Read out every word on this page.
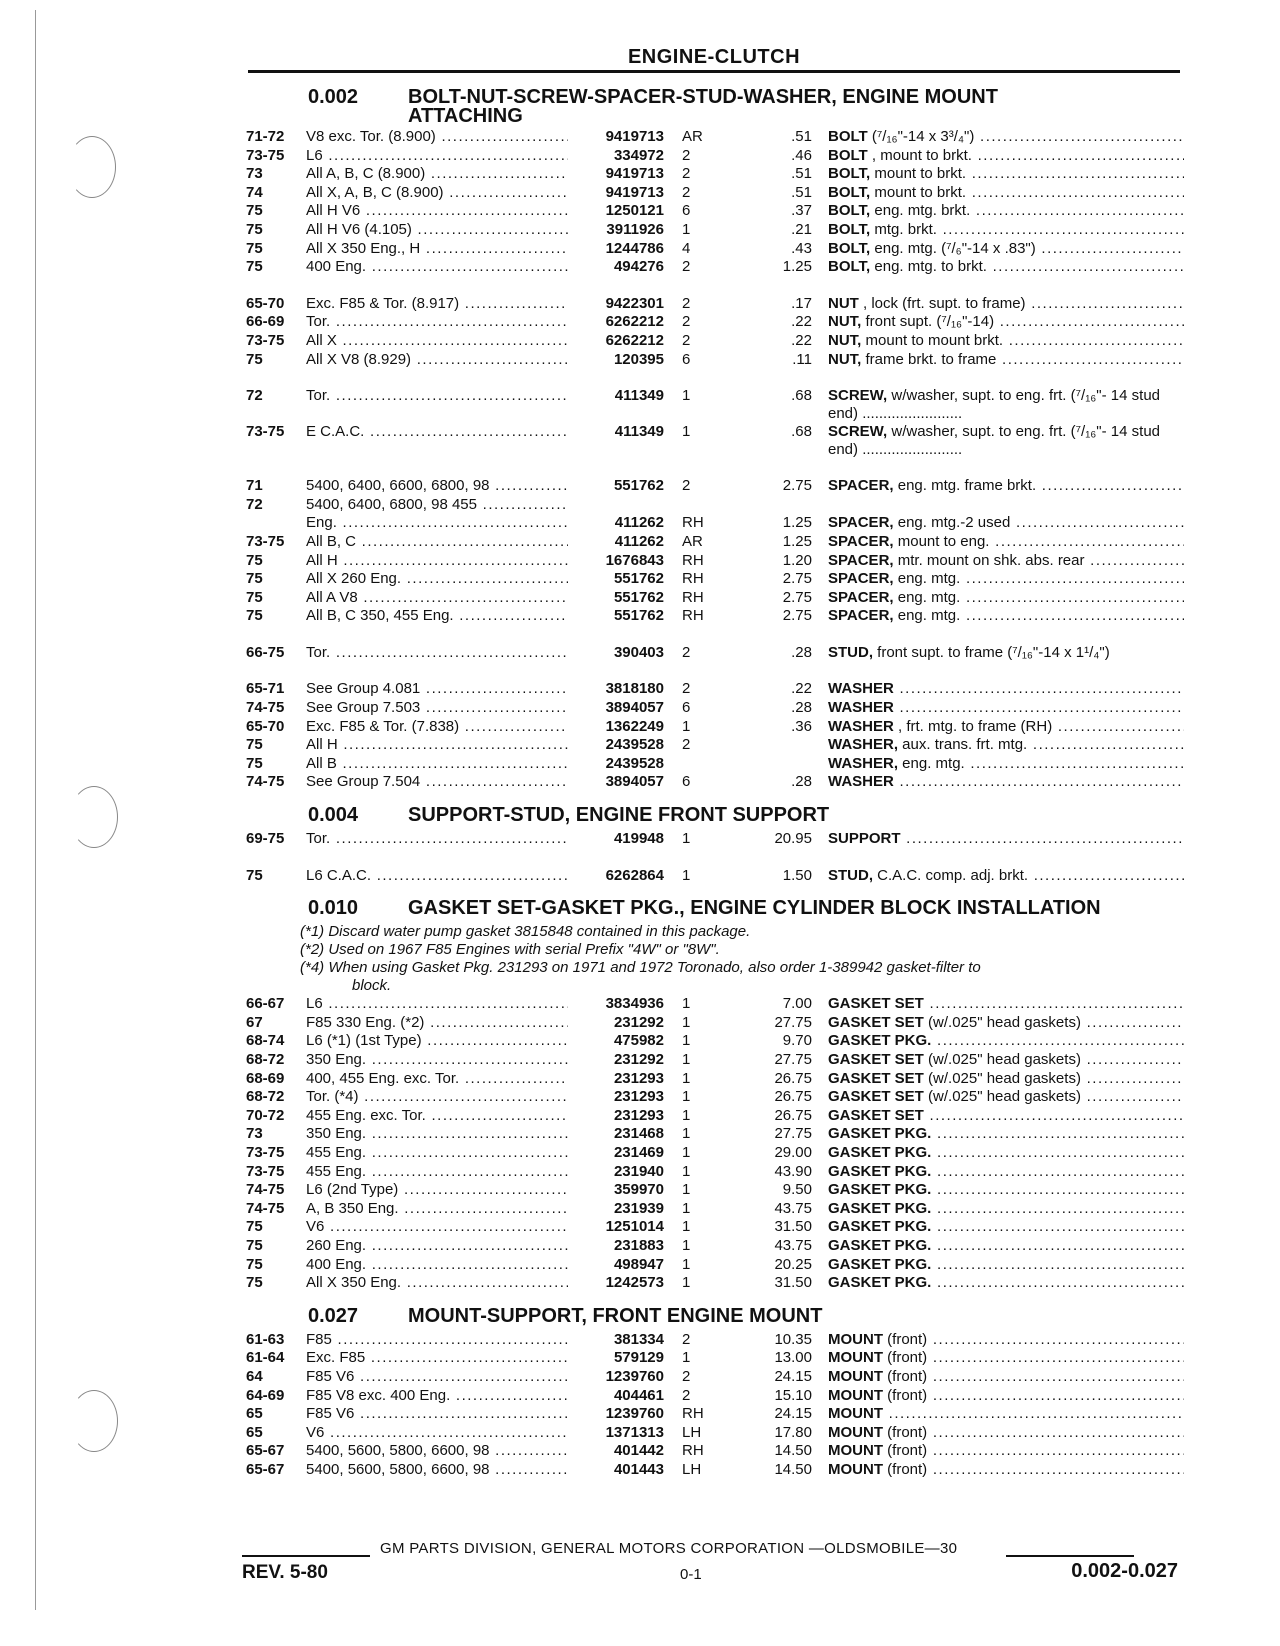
ENGINE-CLUTCH
0.002 BOLT-NUT-SCREW-SPACER-STUD-WASHER, ENGINE MOUNT
ATTACHING
71-72 V8 exc. Tor. (8.900) .....	9419713 AR	.51 BOLT (⁷/₁₆"-14 x 3³/₄") .....
73-75 L6 .....	334972 2	.46 BOLT , mount to brkt. .....
73	All A, B, C (8.900) .....	9419713 2	.51 BOLT, mount to brkt. .....
74	All X, A, B, C (8.900) .....	9419713 2	.51 BOLT, mount to brkt. .....
75	All H V6 .....	1250121 6	.37 BOLT, eng. mtg. brkt. .....
75	All H V6 (4.105) .....	3911926 1	.21 BOLT, mtg. brkt. .....
75	All X 350 Eng., H .....	1244786 4	.43 BOLT, eng. mtg. (⁷/₆"-14 x .83") .....
75	400 Eng. .....	494276 2	1.25 BOLT, eng. mtg. to brkt. .....
65-70 Exc. F85 & Tor. (8.917) .....	9422301 2	.17 NUT , lock (frt. supt. to frame) .....
66-69 Tor. .....	6262212 2	.22 NUT, front supt. (⁷/₁₆"-14) .....
73-75 All X .....	6262212 2	.22 NUT, mount to mount brkt. .....
75	All X V8 (8.929) .....	120395 6	.11 NUT, frame brkt. to frame .....
72	Tor. .....	411349 1	.68 SCREW, w/washer, supt. to eng. frt. (⁷/₁₆"- 14 stud end) ........................
73-75 E C.A.C. .....	411349 1	.68 SCREW, w/washer, supt. to eng. frt. (⁷/₁₆"- 14 stud end) ........................
71	5400, 6400, 6600, 6800, 98 .....	551762 2	2.75 SPACER, eng. mtg. frame brkt. .....
72	5400, 6400, 6800, 98 455 .....
Eng. .....	411262 RH	1.25 SPACER, eng. mtg.-2 used .....
73-75 All B, C .....	411262 AR	1.25 SPACER, mount to eng. .....
75	All H .....	1676843 RH	1.20 SPACER, mtr. mount on shk. abs. rear .....
75	All X 260 Eng. .....	551762 RH	2.75 SPACER, eng. mtg. .....
75	All A V8 .....	551762 RH	2.75 SPACER, eng. mtg. .....
75	All B, C 350, 455 Eng. .....	551762 RH	2.75 SPACER, eng. mtg. .....
66-75 Tor. .....	390403 2	.28 STUD, front supt. to frame (⁷/₁₆"-14 x 1¹/₄")
65-71 See Group 4.081 .....	3818180 2	.22 WASHER .....
74-75 See Group 7.503 .....	3894057 6	.28 WASHER .....
65-70 Exc. F85 & Tor. (7.838) .....	1362249 1	.36 WASHER , frt. mtg. to frame (RH) .....
75	All H .....	2439528 2	WASHER, aux. trans. frt. mtg. .....
75	All B .....	2439528	WASHER, eng. mtg. .....
74-75 See Group 7.504 .....	3894057 6	.28 WASHER .....
0.004 SUPPORT-STUD, ENGINE FRONT SUPPORT
69-75 Tor. .....	419948 1	20.95 SUPPORT .....
75	L6 C.A.C. .....	6262864 1	1.50 STUD, C.A.C. comp. adj. brkt. .....
0.010 GASKET SET-GASKET PKG., ENGINE CYLINDER BLOCK INSTALLATION
(*1) Discard water pump gasket 3815848 contained in this package.
(*2) Used on 1967 F85 Engines with serial Prefix "4W" or "8W".
(*4) When using Gasket Pkg. 231293 on 1971 and 1972 Toronado, also order 1-389942 gasket-filter to
block.
66-67 L6 .....	3834936 1	7.00 GASKET SET .....
67	F85 330 Eng. (*2) .....	231292 1	27.75 GASKET SET (w/.025" head gaskets) .....
68-74 L6 (*1) (1st Type) .....	475982 1	9.70 GASKET PKG. .....
68-72 350 Eng. .....	231292 1	27.75 GASKET SET (w/.025" head gaskets) .....
68-69 400, 455 Eng. exc. Tor. .....	231293 1	26.75 GASKET SET (w/.025" head gaskets) .....
68-72 Tor. (*4) .....	231293 1	26.75 GASKET SET (w/.025" head gaskets) .....
70-72 455 Eng. exc. Tor. .....	231293 1	26.75 GASKET SET .....
73	350 Eng. .....	231468 1	27.75 GASKET PKG. .....
73-75 455 Eng. .....	231469 1	29.00 GASKET PKG. .....
73-75 455 Eng. .....	231940 1	43.90 GASKET PKG. .....
74-75 L6 (2nd Type) .....	359970 1	9.50 GASKET PKG. .....
74-75 A, B 350 Eng. .....	231939 1	43.75 GASKET PKG. .....
75	V6 .....	1251014 1	31.50 GASKET PKG. .....
75	260 Eng. .....	231883 1	43.75 GASKET PKG. .....
75	400 Eng. .....	498947 1	20.25 GASKET PKG. .....
75	All X 350 Eng. .....	1242573 1	31.50 GASKET PKG. .....
0.027 MOUNT-SUPPORT, FRONT ENGINE MOUNT
61-63 F85 .....	381334 2	10.35 MOUNT (front) .....
61-64 Exc. F85 .....	579129 1	13.00 MOUNT (front) .....
64	F85 V6 .....	1239760 2	24.15 MOUNT (front) .....
64-69 F85 V8 exc. 400 Eng. .....	404461 2	15.10 MOUNT (front) .....
65	F85 V6 .....	1239760 RH	24.15 MOUNT .....
65	V6 .....	1371313 LH	17.80 MOUNT (front) .....
65-67 5400, 5600, 5800, 6600, 98 .....	401442 RH	14.50 MOUNT (front) .....
65-67 5400, 5600, 5800, 6600, 98 .....	401443 LH	14.50 MOUNT (front) .....
GM PARTS DIVISION, GENERAL MOTORS CORPORATION —OLDSMOBILE—30
REV. 5-80	0-1	0.002-0.027
